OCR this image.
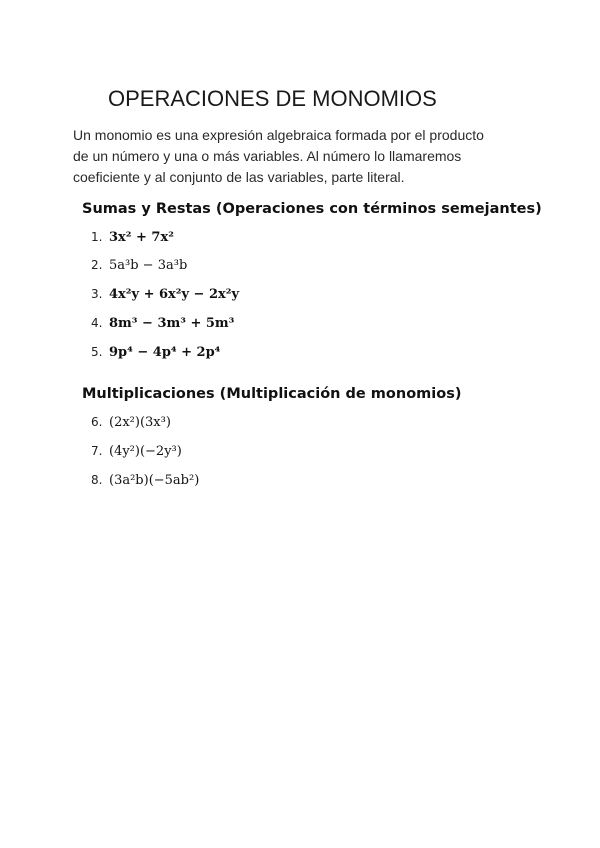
OPERACIONES DE MONOMIOS

Un monomio es una expresión algebraica formada por el producto
de un número y una o más variables. Al número lo llamaremos
coeficiente y al conjunto de las variables, parte literal.

Sumas y Restas (Operaciones con términos semejantes)
1. 3x² + 7x²
2. 5a³b − 3a³b
3. 4x²y + 6x²y − 2x²y
4. 8m³ − 3m³ + 5m³
5. 9p⁴ − 4p⁴ + 2p⁴
Multiplicaciones (Multiplicación de monomios)
6. (2x²)(3x³)
7. (4y²)(−2y³)
8. (3a²b)(−5ab²)
